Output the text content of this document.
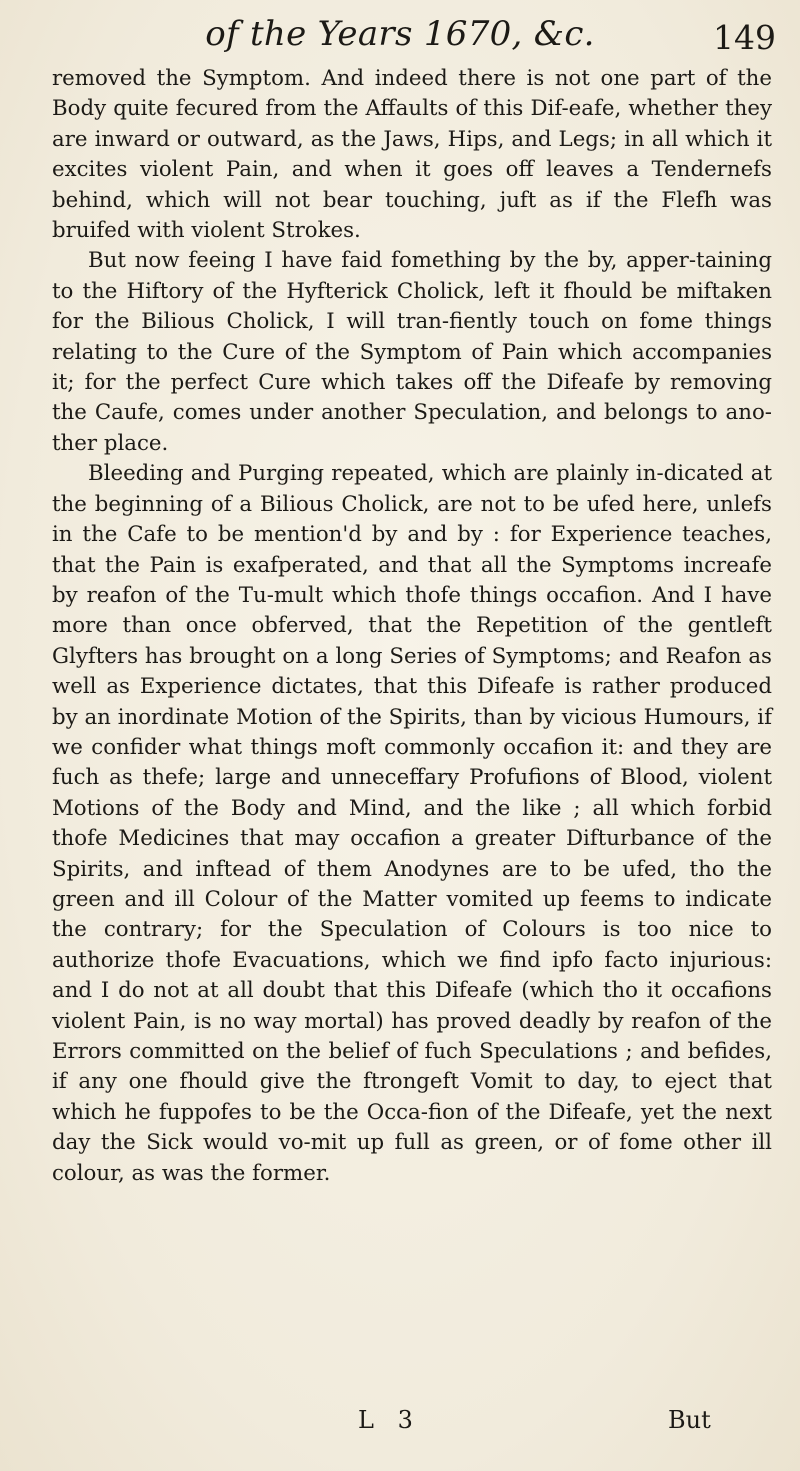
of the Years 1670, &c.	149

removed the Symptom. And indeed there is not one part of the Body quite fecured from the Affaults of this Dif-eafe, whether they are inward or outward, as the Jaws, Hips, and Legs; in all which it excites violent Pain, and when it goes off leaves a Tendernefs behind, which will not bear touching, juft as if the Flefh was bruifed with violent Strokes.

But now feeing I have faid fomething by the by, apper-taining to the Hiftory of the Hyfterick Cholick, left it fhould be miftaken for the Bilious Cholick, I will tran-fiently touch on fome things relating to the Cure of the Symptom of Pain which accompanies it; for the perfect Cure which takes off the Difeafe by removing the Caufe, comes under another Speculation, and belongs to ano-ther place.

Bleeding and Purging repeated, which are plainly in-dicated at the beginning of a Bilious Cholick, are not to be ufed here, unlefs in the Cafe to be mention'd by and by : for Experience teaches, that the Pain is exafperated, and that all the Symptoms increafe by reafon of the Tu-mult which thofe things occafion. And I have more than once obferved, that the Repetition of the gentleft Glyfters has brought on a long Series of Symptoms; and Reafon as well as Experience dictates, that this Difeafe is rather produced by an inordinate Motion of the Spirits, than by vicious Humours, if we confider what things moft commonly occafion it: and they are fuch as thefe; large and unneceffary Profufions of Blood, violent Motions of the Body and Mind, and the like ; all which forbid thofe Medicines that may occafion a greater Difturbance of the Spirits, and inftead of them Anodynes are to be ufed, tho the green and ill Colour of the Matter vomited up feems to indicate the contrary; for the Speculation of Colours is too nice to authorize thofe Evacuations, which we find ipfo facto injurious: and I do not at all doubt that this Difeafe (which tho it occafions violent Pain, is no way mortal) has proved deadly by reafon of the Errors committed on the belief of fuch Speculations ; and befides, if any one fhould give the ftrongeft Vomit to day, to eject that which he fuppofes to be the Occa-fion of the Difeafe, yet the next day the Sick would vo-mit up full as green, or of fome other ill colour, as was the former.

L 3	But
